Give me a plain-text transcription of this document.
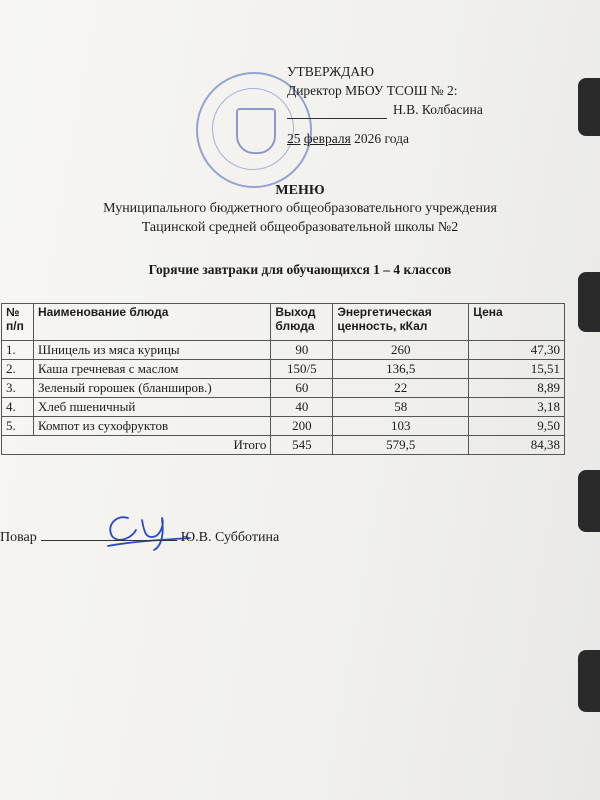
УТВЕРЖДАЮ
Директор МБОУ ТСОШ № 2:
Н.В. Колбасина
25 февраля 2026 года
МЕНЮ
Муниципального бюджетного общеобразовательного учреждения
Тацинской средней общеобразовательной школы №2
Горячие завтраки для обучающихся 1 – 4 классов
№ п/п	Наименование блюда	Выход блюда	Энергетическая ценность, кКал	Цена
1.	Шницель из мяса курицы	90	260	47,30
2.	Каша гречневая с маслом	150/5	136,5	15,51
3.	Зеленый горошек (бланширов.)	60	22	8,89
4.	Хлеб пшеничный	40	58	3,18
5.	Компот из сухофруктов	200	103	9,50
Итого		545	579,5	84,38
Повар	Ю.В. Субботина
